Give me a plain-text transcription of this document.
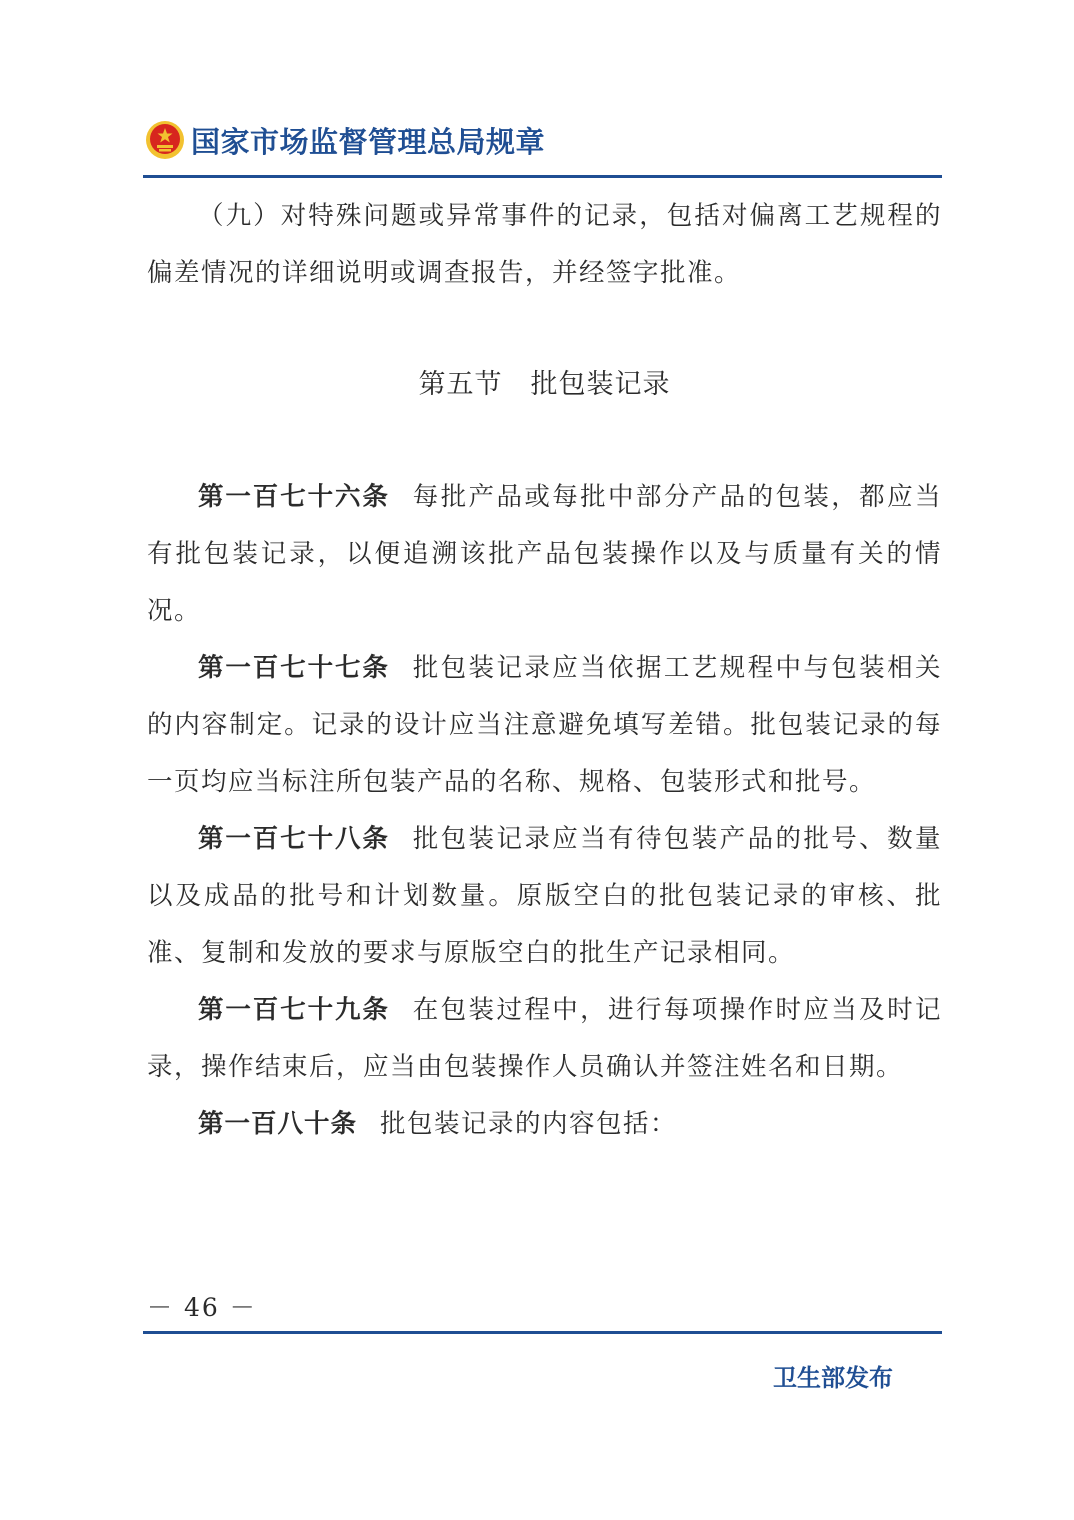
国家市场监督管理总局规章

（九）对特殊问题或异常事件的记录，包括对偏离工艺规程的偏差情况的详细说明或调查报告，并经签字批准。

第五节　批包装记录

第一百七十六条 每批产品或每批中部分产品的包装，都应当有批包装记录，以便追溯该批产品包装操作以及与质量有关的情况。

第一百七十七条 批包装记录应当依据工艺规程中与包装相关的内容制定。记录的设计应当注意避免填写差错。批包装记录的每一页均应当标注所包装产品的名称、规格、包装形式和批号。

第一百七十八条 批包装记录应当有待包装产品的批号、数量以及成品的批号和计划数量。原版空白的批包装记录的审核、批准、复制和发放的要求与原版空白的批生产记录相同。

第一百七十九条 在包装过程中，进行每项操作时应当及时记录，操作结束后，应当由包装操作人员确认并签注姓名和日期。

第一百八十条 批包装记录的内容包括：

－ 46 －
卫生部发布
